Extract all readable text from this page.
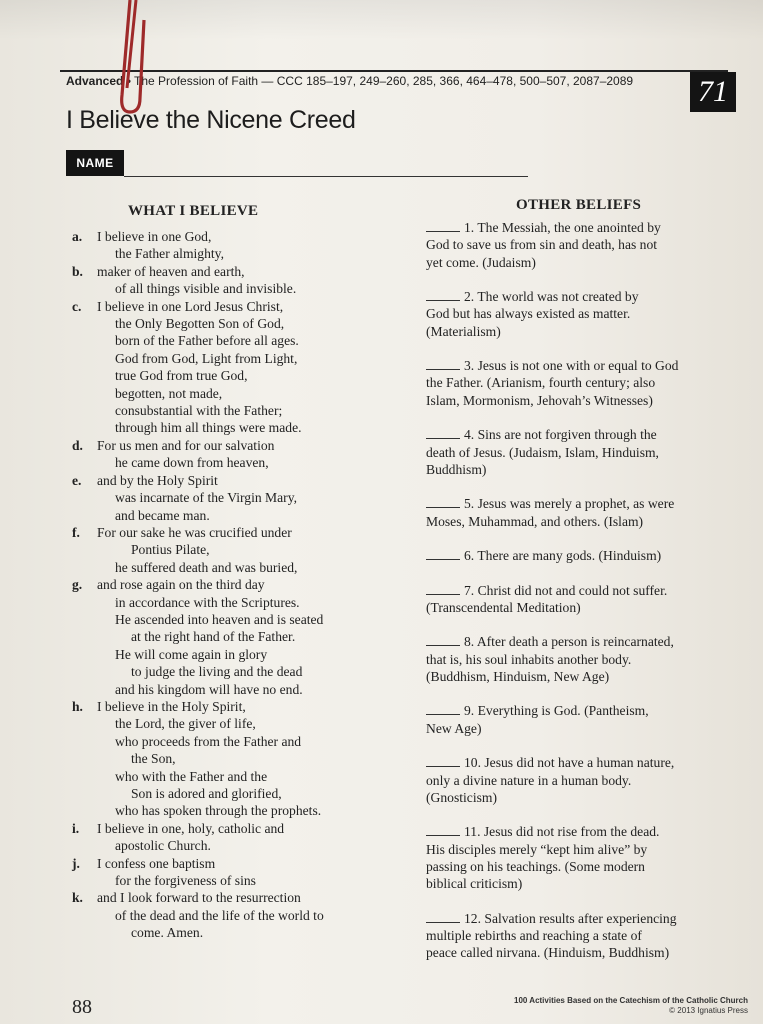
Advanced • The Profession of Faith — CCC 185–197, 249–260, 285, 366, 464–478, 500–507, 2087–2089	71
I Believe the Nicene Creed
NAME
WHAT I BELIEVE	OTHER BELIEFS
a. I believe in one God,
the Father almighty,
b. maker of heaven and earth,
of all things visible and invisible.
c. I believe in one Lord Jesus Christ,
the Only Begotten Son of God,
born of the Father before all ages.
God from God, Light from Light,
true God from true God,
begotten, not made,
consubstantial with the Father;
through him all things were made.
d. For us men and for our salvation
he came down from heaven,
e. and by the Holy Spirit
was incarnate of the Virgin Mary,
and became man.
f. For our sake he was crucified under
Pontius Pilate,
he suffered death and was buried,
g. and rose again on the third day
in accordance with the Scriptures.
He ascended into heaven and is seated
at the right hand of the Father.
He will come again in glory
to judge the living and the dead
and his kingdom will have no end.
h. I believe in the Holy Spirit,
the Lord, the giver of life,
who proceeds from the Father and
the Son,
who with the Father and the
Son is adored and glorified,
who has spoken through the prophets.
i. I believe in one, holy, catholic and
apostolic Church.
j. I confess one baptism
for the forgiveness of sins
k. and I look forward to the resurrection
of the dead and the life of the world to
come. Amen.
1. The Messiah, the one anointed by
God to save us from sin and death, has not
yet come. (Judaism)
2. The world was not created by
God but has always existed as matter.
(Materialism)
3. Jesus is not one with or equal to God
the Father. (Arianism, fourth century; also
Islam, Mormonism, Jehovah’s Witnesses)
4. Sins are not forgiven through the
death of Jesus. (Judaism, Islam, Hinduism,
Buddhism)
5. Jesus was merely a prophet, as were
Moses, Muhammad, and others. (Islam)
6. There are many gods. (Hinduism)
7. Christ did not and could not suffer.
(Transcendental Meditation)
8. After death a person is reincarnated,
that is, his soul inhabits another body.
(Buddhism, Hinduism, New Age)
9. Everything is God. (Pantheism,
New Age)
10. Jesus did not have a human nature,
only a divine nature in a human body.
(Gnosticism)
11. Jesus did not rise from the dead.
His disciples merely “kept him alive” by
passing on his teachings. (Some modern
biblical criticism)
12. Salvation results after experiencing
multiple rebirths and reaching a state of
peace called nirvana. (Hinduism, Buddhism)
88	100 Activities Based on the Catechism of the Catholic Church
© 2013 Ignatius Press
